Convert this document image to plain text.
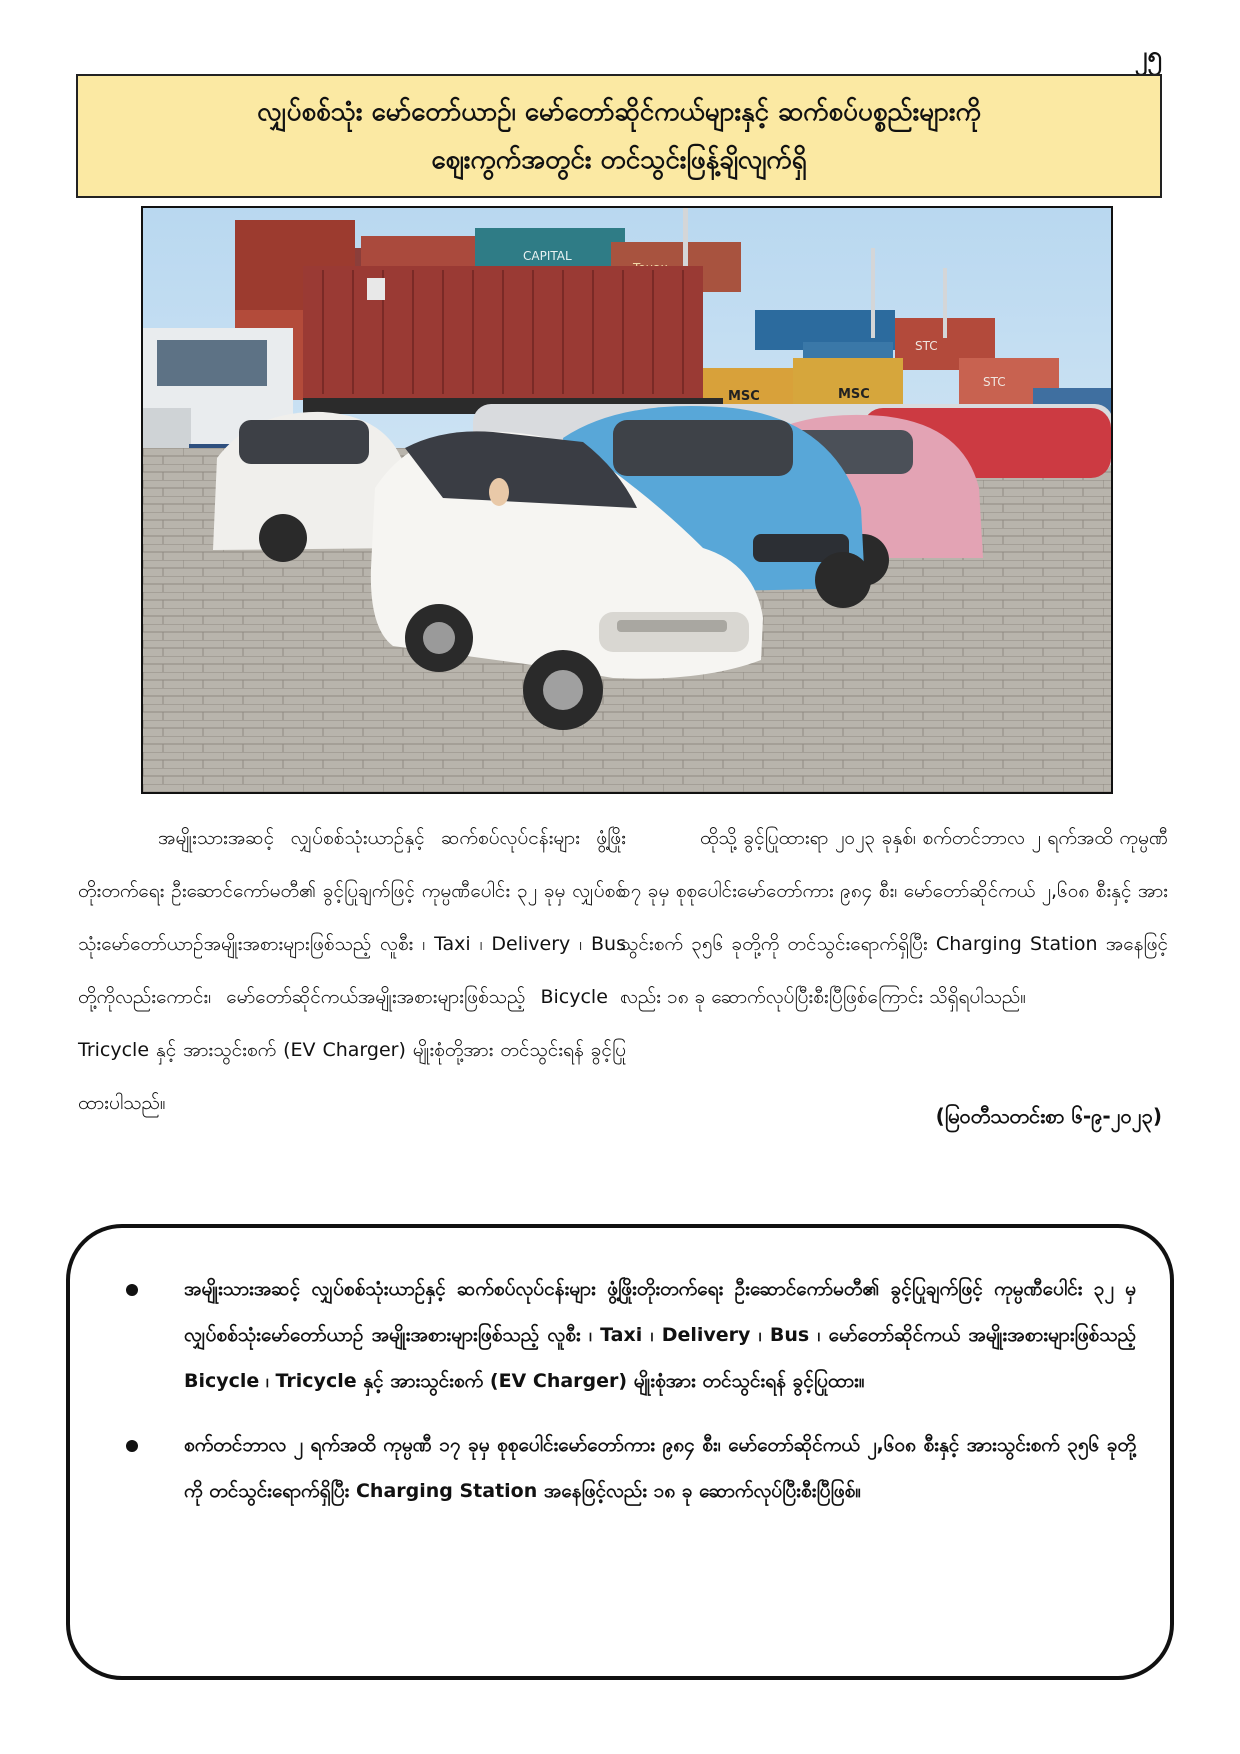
၂၅
လျှပ်စစ်သုံး မော်တော်ယာဉ်၊ မော်တော်ဆိုင်ကယ်များနှင့် ဆက်စပ်ပစ္စည်းများကို
ဈေးကွက်အတွင်း တင်သွင်းဖြန့်ချိလျက်ရှိ
CAPITAL
STC
STC
MSC	MSC

အမျိုးသားအဆင့် လျှပ်စစ်သုံးယာဉ်နှင့် ဆက်စပ်လုပ်ငန်းများ ဖွံ့ဖြိုးတိုးတက်ရေး ဦးဆောင်ကော်မတီ၏ ခွင့်ပြုချက်ဖြင့် ကုမ္ပဏီပေါင်း ၃၂ ခုမှ လျှပ်စစ်သုံးမော်တော်ယာဉ်အမျိုးအစားများဖြစ်သည့် လူစီး ၊ Taxi ၊ Delivery ၊ Bus တို့ကိုလည်းကောင်း၊ မော်တော်ဆိုင်ကယ်အမျိုးအစားများဖြစ်သည့် Bicycle ၊ Tricycle နှင့် အားသွင်းစက် (EV Charger) မျိုးစုံတို့အား တင်သွင်းရန် ခွင့်ပြုထားပါသည်။

ထိုသို့ ခွင့်ပြုထားရာ ၂၀၂၃ ခုနှစ်၊ စက်တင်ဘာလ ၂ ရက်အထိ ကုမ္ပဏီ ၁၇ ခုမှ စုစုပေါင်းမော်တော်ကား ၉၈၄ စီး၊ မော်တော်ဆိုင်ကယ် ၂,၆၀၈ စီးနှင့် အားသွင်းစက် ၃၅၆ ခုတို့ကို တင်သွင်းရောက်ရှိပြီး Charging Station အနေဖြင့်လည်း ၁၈ ခု ဆောက်လုပ်ပြီးစီးပြီဖြစ်ကြောင်း သိရှိရပါသည်။

(မြဝတီသတင်းစာ ၆-၉-၂၀၂၃)
အမျိုးသားအဆင့် လျှပ်စစ်သုံးယာဉ်နှင့် ဆက်စပ်လုပ်ငန်းများ ဖွံ့ဖြိုးတိုးတက်ရေး ဦးဆောင်ကော်မတီ၏ ခွင့်ပြုချက်ဖြင့် ကုမ္ပဏီပေါင်း ၃၂ မှ လျှပ်စစ်သုံးမော်တော်ယာဉ် အမျိုးအစားများဖြစ်သည့် လူစီး ၊ Taxi ၊ Delivery ၊ Bus ၊ မော်တော်ဆိုင်ကယ် အမျိုးအစားများဖြစ်သည့် Bicycle ၊ Tricycle နှင့် အားသွင်းစက် (EV Charger) မျိုးစုံအား တင်သွင်းရန် ခွင့်ပြုထား။
စက်တင်ဘာလ ၂ ရက်အထိ ကုမ္ပဏီ ၁၇ ခုမှ စုစုပေါင်းမော်တော်ကား ၉၈၄ စီး၊ မော်တော်ဆိုင်ကယ် ၂,၆၀၈ စီးနှင့် အားသွင်းစက် ၃၅၆ ခုတို့ကို တင်သွင်းရောက်ရှိပြီး Charging Station အနေဖြင့်လည်း ၁၈ ခု ဆောက်လုပ်ပြီးစီးပြီဖြစ်။
